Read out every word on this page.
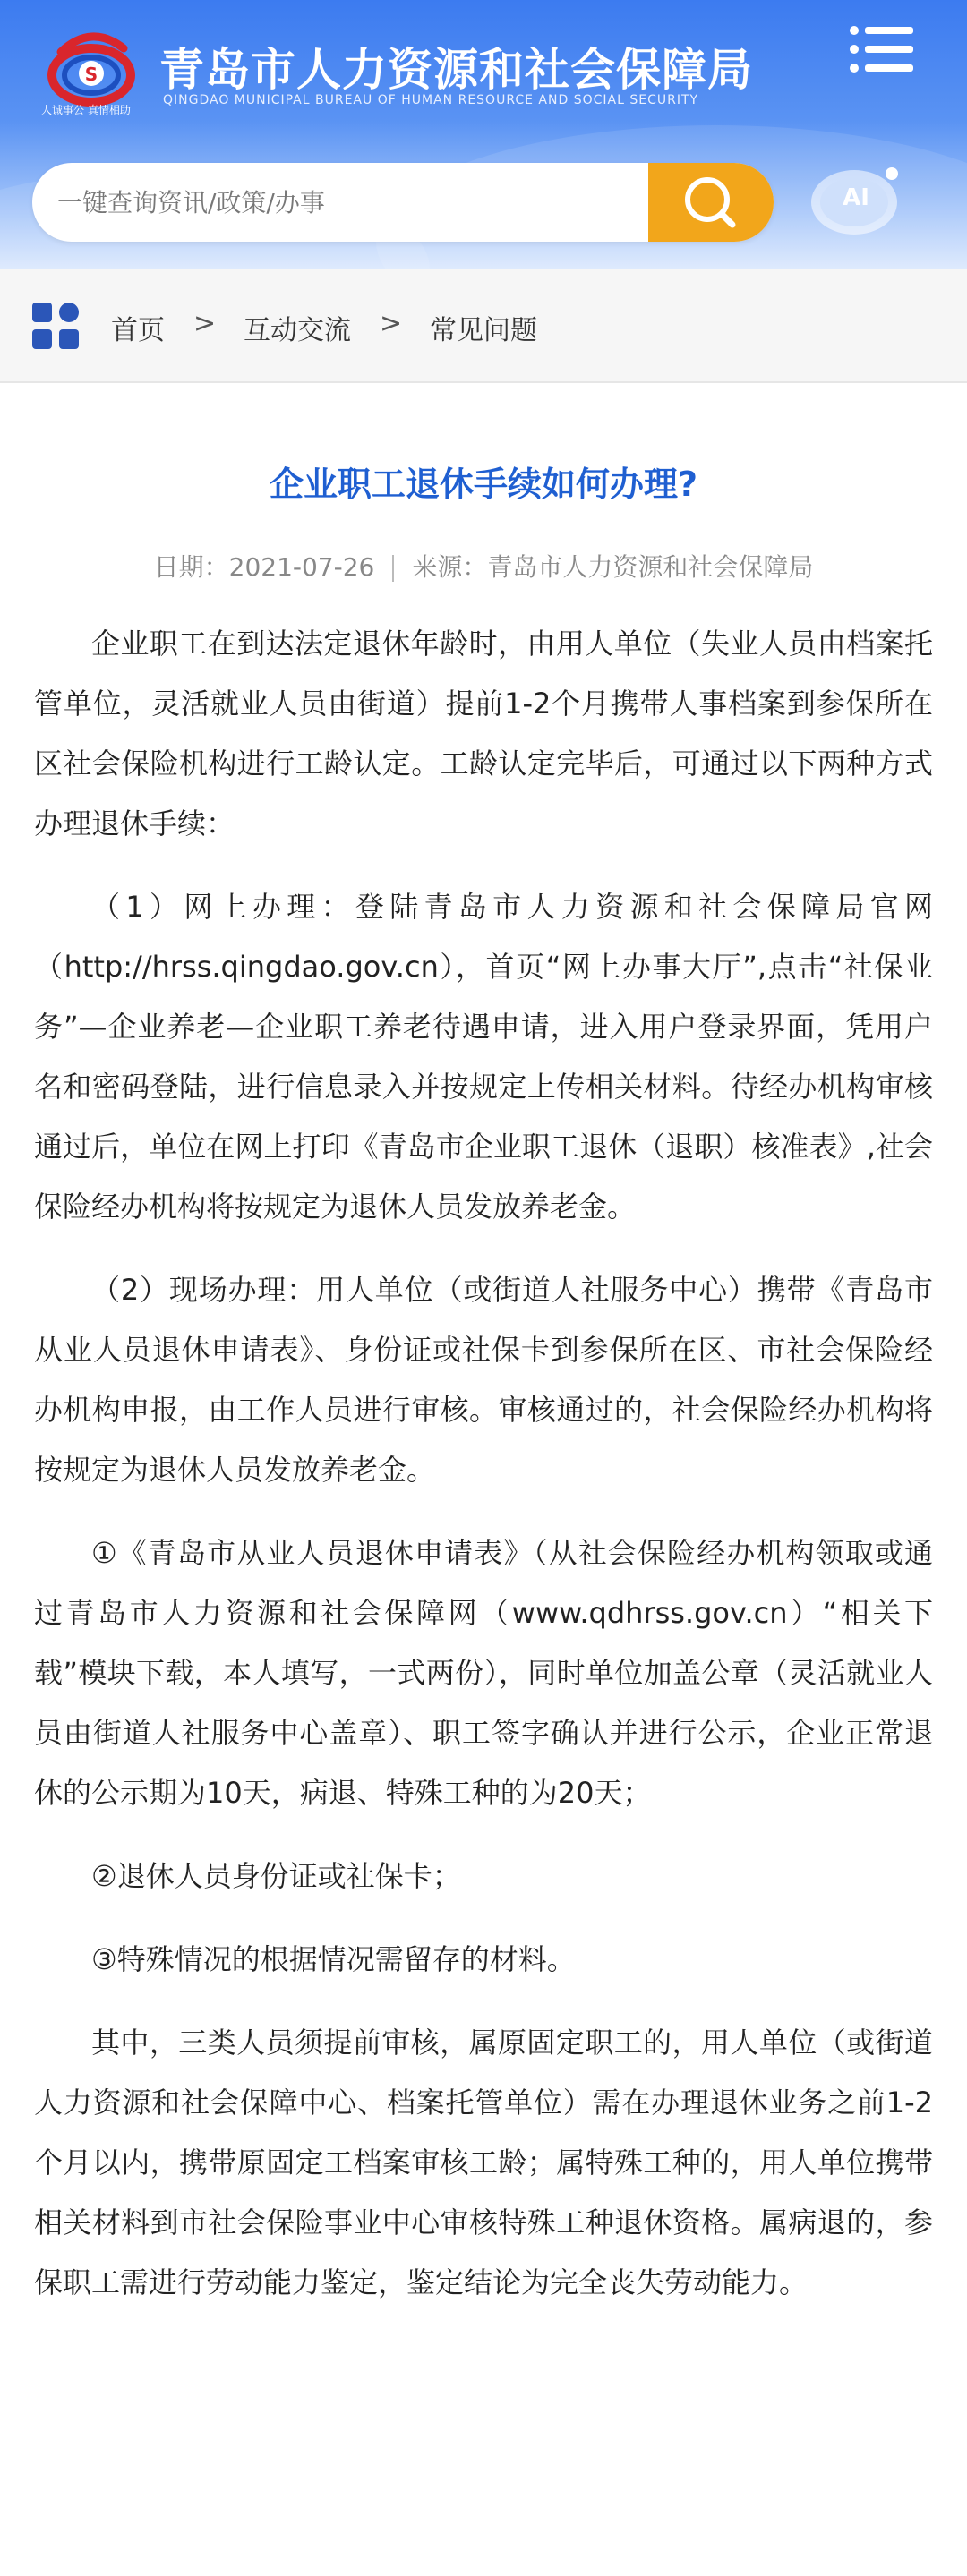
S
人诚事公 真情相助
青岛市人力资源和社会保障局
QINGDAO MUNICIPAL BUREAU OF HUMAN RESOURCE AND SOCIAL SECURITY
一键查询资讯/政策/办事
AI
首页 > 互动交流 > 常见问题
企业职工退休手续如何办理?
日期：2021-07-26 来源：青岛市人力资源和社会保障局

企业职工在到达法定退休年龄时，由用人单位（失业人员由档案托管单位，灵活就业人员由街道）提前1-2个月携带人事档案到参保所在区社会保险机构进行工龄认定。工龄认定完毕后，可通过以下两种方式办理退休手续：

（1）网上办理：登陆青岛市人力资源和社会保障局官网（http://hrss.qingdao.gov.cn），首页“网上办事大厅”,点击“社保业务”—企业养老—企业职工养老待遇申请，进入用户登录界面，凭用户名和密码登陆，进行信息录入并按规定上传相关材料。待经办机构审核通过后，单位在网上打印《青岛市企业职工退休（退职）核准表》,社会保险经办机构将按规定为退休人员发放养老金。

（2）现场办理：用人单位（或街道人社服务中心）携带《青岛市从业人员退休申请表》、身份证或社保卡到参保所在区、市社会保险经办机构申报，由工作人员进行审核。审核通过的，社会保险经办机构将按规定为退休人员发放养老金。

①《青岛市从业人员退休申请表》（从社会保险经办机构领取或通过青岛市人力资源和社会保障网（www.qdhrss.gov.cn）“相关下载”模块下载，本人填写，一式两份），同时单位加盖公章（灵活就业人员由街道人社服务中心盖章）、职工签字确认并进行公示，企业正常退休的公示期为10天，病退、特殊工种的为20天；

②退休人员身份证或社保卡；

③特殊情况的根据情况需留存的材料。

其中，三类人员须提前审核，属原固定职工的，用人单位（或街道人力资源和社会保障中心、档案托管单位）需在办理退休业务之前1-2个月以内，携带原固定工档案审核工龄；属特殊工种的，用人单位携带相关材料到市社会保险事业中心审核特殊工种退休资格。属病退的，参保职工需进行劳动能力鉴定，鉴定结论为完全丧失劳动能力。
